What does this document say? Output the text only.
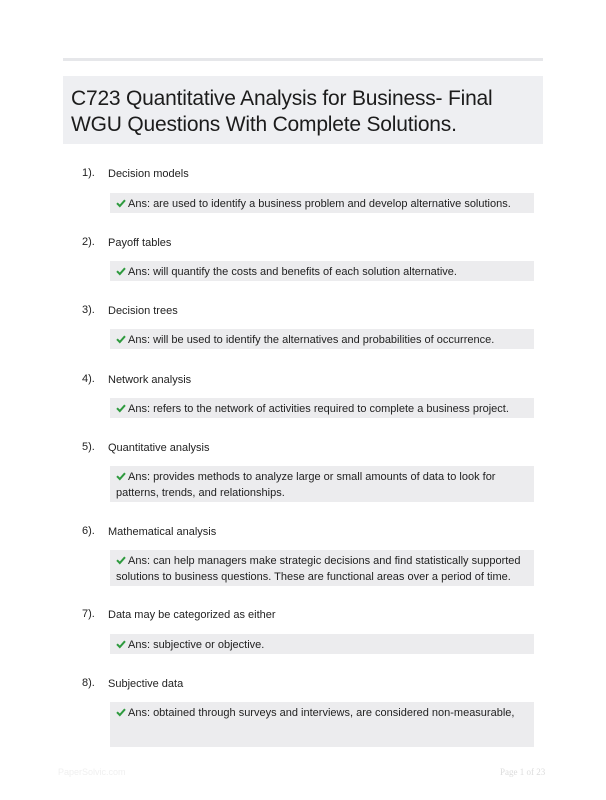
C723 Quantitative Analysis for Business- Final WGU Questions With Complete Solutions.
1). Decision models
Ans: are used to identify a business problem and develop alternative solutions.
2). Payoff tables
Ans: will quantify the costs and benefits of each solution alternative.
3). Decision trees
Ans: will be used to identify the alternatives and probabilities of occurrence.
4). Network analysis
Ans: refers to the network of activities required to complete a business project.
5). Quantitative analysis
Ans: provides methods to analyze large or small amounts of data to look for patterns, trends, and relationships.
6). Mathematical analysis
Ans: can help managers make strategic decisions and find statistically supported solutions to business questions. These are functional areas over a period of time.
7). Data may be categorized as either
Ans: subjective or objective.
8). Subjective data
Ans: obtained through surveys and interviews, are considered non-measurable,
PaperSolvic.com	Page 1 of 23
